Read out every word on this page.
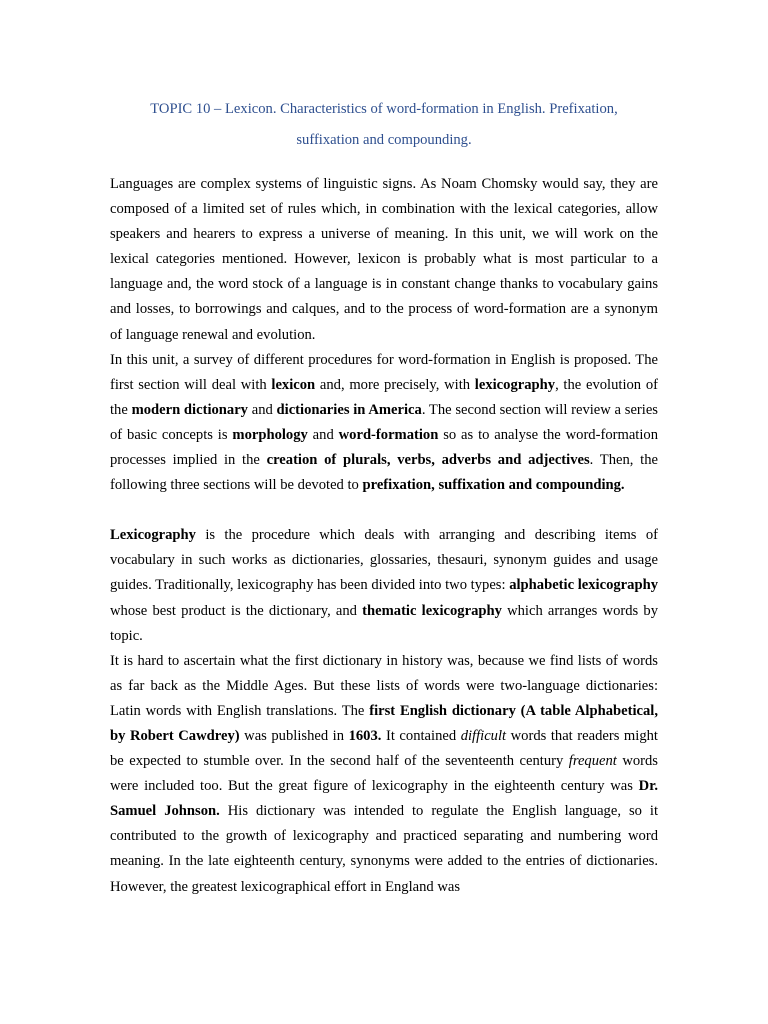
TOPIC 10 – Lexicon. Characteristics of word-formation in English. Prefixation,
suffixation and compounding.

Languages are complex systems of linguistic signs. As Noam Chomsky would say, they are composed of a limited set of rules which, in combination with the lexical categories, allow speakers and hearers to express a universe of meaning. In this unit, we will work on the lexical categories mentioned. However, lexicon is probably what is most particular to a language and, the word stock of a language is in constant change thanks to vocabulary gains and losses, to borrowings and calques, and to the process of word-formation are a synonym of language renewal and evolution.

In this unit, a survey of different procedures for word-formation in English is proposed. The first section will deal with lexicon and, more precisely, with lexicography, the evolution of the modern dictionary and dictionaries in America. The second section will review a series of basic concepts is morphology and word-formation so as to analyse the word-formation processes implied in the creation of plurals, verbs, adverbs and adjectives. Then, the following three sections will be devoted to prefixation, suffixation and compounding.

Lexicography is the procedure which deals with arranging and describing items of vocabulary in such works as dictionaries, glossaries, thesauri, synonym guides and usage guides. Traditionally, lexicography has been divided into two types: alphabetic lexicography whose best product is the dictionary, and thematic lexicography which arranges words by topic.

It is hard to ascertain what the first dictionary in history was, because we find lists of words as far back as the Middle Ages. But these lists of words were two-language dictionaries: Latin words with English translations. The first English dictionary (A table Alphabetical, by Robert Cawdrey) was published in 1603. It contained difficult words that readers might be expected to stumble over. In the second half of the seventeenth century frequent words were included too. But the great figure of lexicography in the eighteenth century was Dr. Samuel Johnson. His dictionary was intended to regulate the English language, so it contributed to the growth of lexicography and practiced separating and numbering word meaning. In the late eighteenth century, synonyms were added to the entries of dictionaries. However, the greatest lexicographical effort in England was
